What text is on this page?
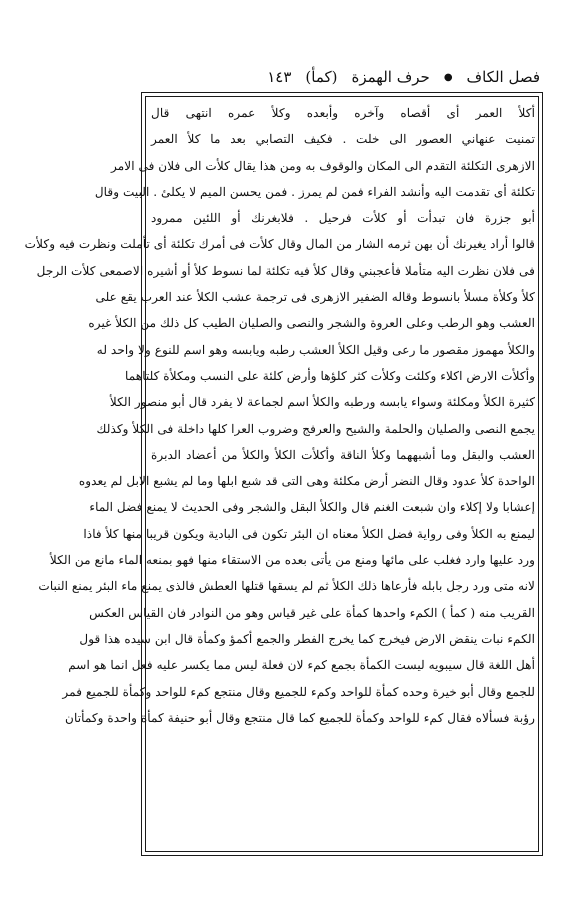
فصل الكاف
●
حرف الهمزة
(كمأ)
١٤٣
أكلأ العمر أى أقصاه وآخره وأبعده وكلأ عمره انتهى قال
تمنيت عنهاني العصور الى خلت . فكيف التصابي بعد ما كلأ العمر
الازهرى التكلئة التقدم الى المكان والوقوف به ومن هذا يقال كلأت الى فلان فى الامر
تكلئة أى تقدمت اليه وأنشد الفراء فمن لم يمرز . فمن يحسن الميم لا يكلئ . البيت وقال
أبو جزرة فان تبدأت أو كلأت فرحيل . فلابغرنك أو اللئين ممرود
قالوا أراد يغيرنك أن بهن ثرمه الشار من المال وقال كلأت فى أمرك تكلئة أى تأملت ونظرت فيه وكلأت
فى فلان نظرت اليه متأملا فأعجبني وقال كلأ فيه تكلئة لما نسوط كلأ أو أشيره الاصمعى كلأت الرجل
كلأ وكلأة مسلأ بانسوط وقاله الضفير الازهرى فى ترجمة عشب الكلأ عند العرب يقع على
العشب وهو الرطب وعلى العروة والشجر والنصى والصليان الطيب كل ذلك من الكلأ غيره
والكلأ مهموز مقصور ما رعى وقيل الكلأ العشب رطبه ويابسه وهو اسم للنوع ولا واحد له
وأكلأت الارض اكلاء وكلئت وكلأت كثر كلؤها وأرض كلئة على النسب ومكلأة كلتاهما
كثيرة الكلأ ومكلئة وسواء يابسه ورطبه والكلأ اسم لجماعة لا يفرد قال أبو منصور الكلأ
يجمع النصى والصليان والحلمة والشيح والعرفج وضروب العرا كلها داخلة فى الكلأ وكذلك
العشب والبقل وما أشبههما وكلأ الناقة وأكلأت الكلأ والكلأ من أعضاد الدبرة
الواحدة كلأ عدود وقال النضر أرض مكلئة وهى التى قد شبع ابلها وما لم يشبع الابل لم يعدوه
إعشابا ولا إكلاء وان شبعت الغنم قال والكلأ البقل والشجر وفى الحديث لا يمنع فضل الماء
ليمنع به الكلأ وفى رواية فضل الكلأ معناه ان البئر تكون فى البادية ويكون قريبا منها كلأ فاذا
ورد عليها وارد فغلب على مائها ومنع من يأتى بعده من الاستقاء منها فهو بمنعه الماء مانع من الكلأ
لانه متى ورد رجل بابله فأرعاها ذلك الكلأ ثم لم يسقها قتلها العطش فالذى يمنع ماء البئر يمنع النبات
القريب منه ( كمأ ) الكمء واحدها كمأة على غير قياس وهو من النوادر فان القياس العكس
الكمء نبات ينقض الارض فيخرج كما يخرج الفطر والجمع أكمؤ وكمأة قال ابن سيده هذا قول
أهل اللغة قال سيبويه ليست الكمأة بجمع كمء لان فعلة ليس مما يكسر عليه فعل انما هو اسم
للجمع وقال أبو خيرة وحده كمأة للواحد وكمء للجميع وقال منتجع كمء للواحد وكمأة للجميع فمر
رؤبة فسألاه فقال كمء للواحد وكمأة للجميع كما قال منتجع وقال أبو حنيفة كمأة واحدة وكمأتان
